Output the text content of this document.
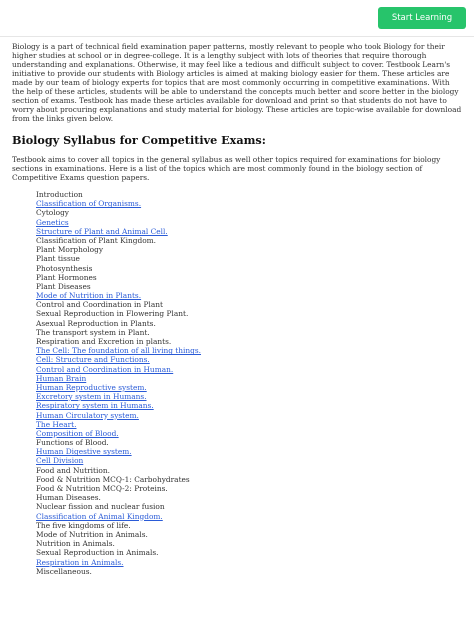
Start Learning

Biology is a part of technical field examination paper patterns, mostly relevant to people who took Biology for their higher studies at school or in degree-college. It is a lengthy subject with lots of theories that require thorough understanding and explanations. Otherwise, it may feel like a tedious and difficult subject to cover. Testbook Learn's initiative to provide our students with Biology articles is aimed at making biology easier for them. These articles are made by our team of biology experts for topics that are most commonly occurring in competitive examinations. With the help of these articles, students will be able to understand the concepts much better and score better in the biology section of exams. Testbook has made these articles available for download and print so that students do not have to worry about procuring explanations and study material for biology. These articles are topic-wise available for download from the links given below.

Biology Syllabus for Competitive Exams:

Testbook aims to cover all topics in the general syllabus as well other topics required for examinations for biology sections in examinations. Here is a list of the topics which are most commonly found in the biology section of Competitive Exams question papers.

Introduction
Classification of Organisms.
Cytology
Genetics
Structure of Plant and Animal Cell.
Classification of Plant Kingdom.
Plant Morphology
Plant tissue
Photosynthesis
Plant Hormones
Plant Diseases
Mode of Nutrition in Plants.
Control and Coordination in Plant
Sexual Reproduction in Flowering Plant.
Asexual Reproduction in Plants.
The transport system in Plant.
Respiration and Excretion in plants.
The Cell: The foundation of all living things.
Cell: Structure and Functions.
Control and Coordination in Human.
Human Brain
Human Reproductive system.
Excretory system in Humans.
Respiratory system in Humans.
Human Circulatory system.
The Heart.
Composition of Blood.
Functions of Blood.
Human Digestive system.
Cell Division
Food and Nutrition.
Food & Nutrition MCQ-1: Carbohydrates
Food & Nutrition MCQ-2: Proteins.
Human Diseases.
Nuclear fission and nuclear fusion
Classification of Animal Kingdom.
The five kingdoms of life.
Mode of Nutrition in Animals.
Nutrition in Animals.
Sexual Reproduction in Animals.
Respiration in Animals.
Miscellaneous.
